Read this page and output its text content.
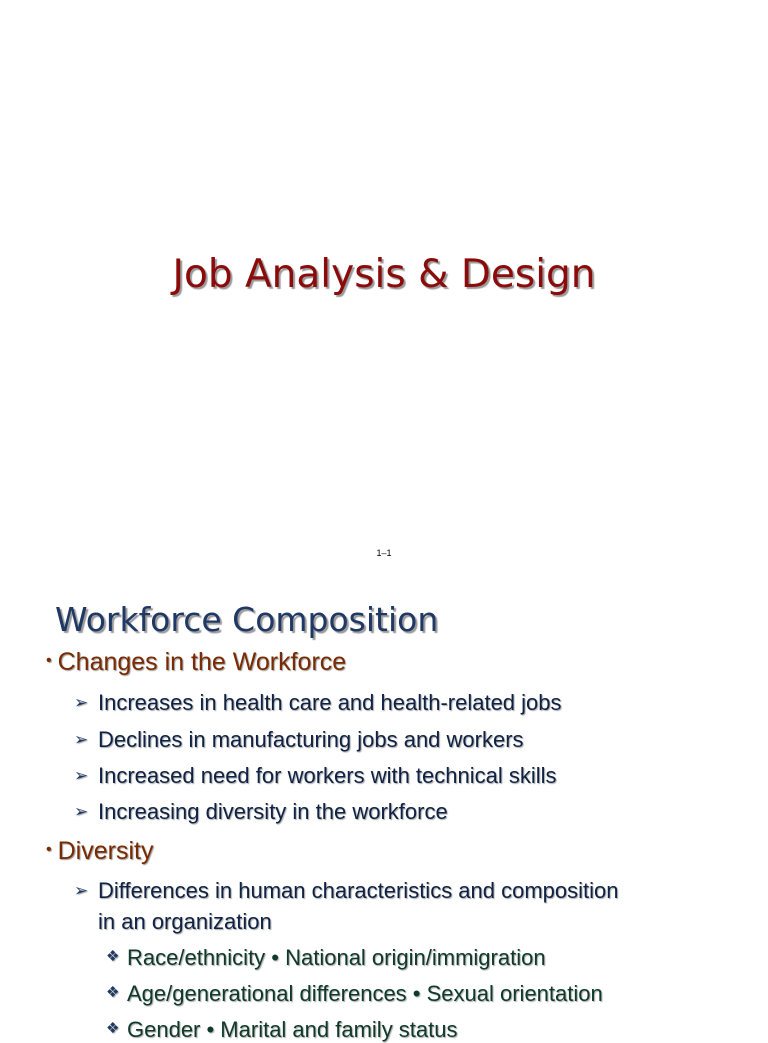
Job Analysis & Design
1–1
Workforce Composition
• Changes in the Workforce
➢ Increases in health care and health-related jobs
➢ Declines in manufacturing jobs and workers
➢ Increased need for workers with technical skills
➢ Increasing diversity in the workforce
• Diversity
➢ Differences in human characteristics and composition
in an organization
❖ Race/ethnicity • National origin/immigration
❖ Age/generational differences • Sexual orientation
❖ Gender • Marital and family status
